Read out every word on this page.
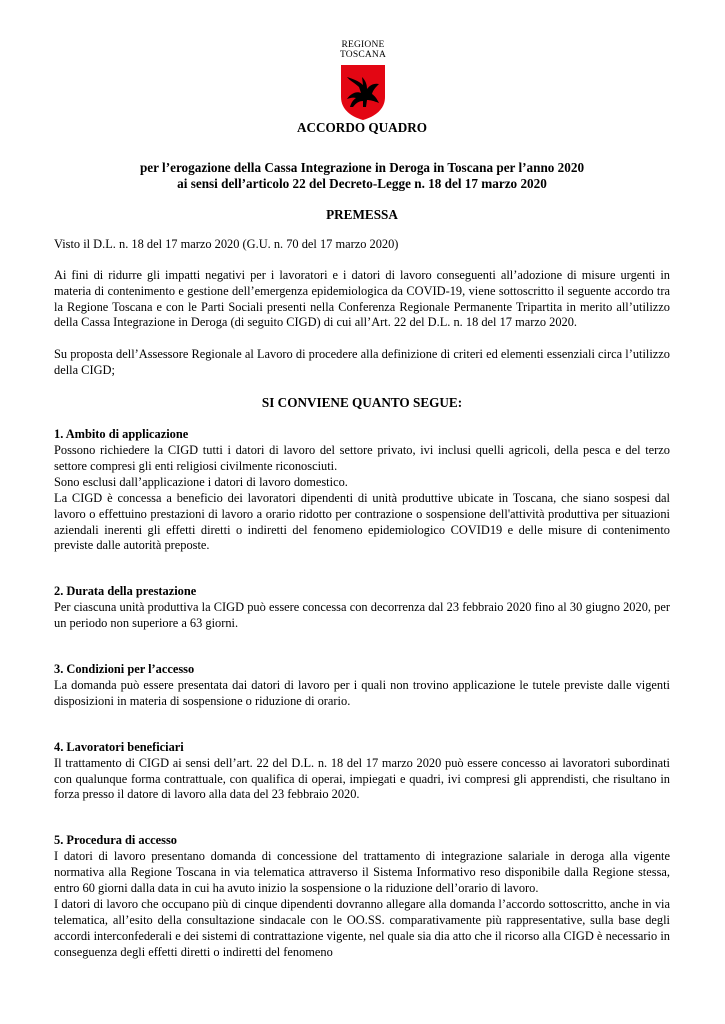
REGIONE
TOSCANA
ACCORDO QUADRO
per l’erogazione della Cassa Integrazione in Deroga in Toscana per l’anno 2020
ai sensi dell’articolo 22 del Decreto-Legge n. 18 del 17 marzo 2020
PREMESSA

Visto il D.L. n. 18 del 17 marzo 2020 (G.U. n. 70 del 17 marzo 2020)

Ai fini di ridurre gli impatti negativi per i lavoratori e i datori di lavoro conseguenti all’adozione di misure urgenti in materia di contenimento e gestione dell’emergenza epidemiologica da COVID-19, viene sottoscritto il seguente accordo tra la Regione Toscana e con le Parti Sociali presenti nella Conferenza Regionale Permanente Tripartita in merito all’utilizzo della Cassa Integrazione in Deroga (di seguito CIGD) di cui all’Art. 22 del D.L. n. 18 del 17 marzo 2020.

Su proposta dell’Assessore Regionale al Lavoro di procedere alla definizione di criteri ed elementi essenziali circa l’utilizzo della CIGD;

SI CONVIENE QUANTO SEGUE:
1. Ambito di applicazione

Possono richiedere la CIGD tutti i datori di lavoro del settore privato, ivi inclusi quelli agricoli, della pesca e del terzo settore compresi gli enti religiosi civilmente riconosciuti.

Sono esclusi dall’applicazione i datori di lavoro domestico.

La CIGD è concessa a beneficio dei lavoratori dipendenti di unità produttive ubicate in Toscana, che siano sospesi dal lavoro o effettuino prestazioni di lavoro a orario ridotto per contrazione o sospensione dell'attività produttiva per situazioni aziendali inerenti gli effetti diretti o indiretti del fenomeno epidemiologico COVID19 e delle misure di contenimento previste dalle autorità preposte.

2. Durata della prestazione

Per ciascuna unità produttiva la CIGD può essere concessa con decorrenza dal 23 febbraio 2020 fino al 30 giugno 2020, per un periodo non superiore a 63 giorni.

3. Condizioni per l’accesso

La domanda può essere presentata dai datori di lavoro per i quali non trovino applicazione le tutele previste dalle vigenti disposizioni in materia di sospensione o riduzione di orario.

4. Lavoratori beneficiari

Il trattamento di CIGD ai sensi dell’art. 22 del D.L. n. 18 del 17 marzo 2020 può essere concesso ai lavoratori subordinati con qualunque forma contrattuale, con qualifica di operai, impiegati e quadri, ivi compresi gli apprendisti, che risultano in forza presso il datore di lavoro alla data del 23 febbraio 2020.

5. Procedura di accesso

I datori di lavoro presentano domanda di concessione del trattamento di integrazione salariale in deroga alla vigente normativa alla Regione Toscana in via telematica attraverso il Sistema Informativo reso disponibile dalla Regione stessa, entro 60 giorni dalla data in cui ha avuto inizio la sospensione o la riduzione dell’orario di lavoro.

I datori di lavoro che occupano più di cinque dipendenti dovranno allegare alla domanda l’accordo sottoscritto, anche in via telematica, all’esito della consultazione sindacale con le OO.SS. comparativamente più rappresentative, sulla base degli accordi interconfederali e dei sistemi di contrattazione vigente, nel quale sia dia atto che il ricorso alla CIGD è necessario in conseguenza degli effetti diretti o indiretti del fenomeno
